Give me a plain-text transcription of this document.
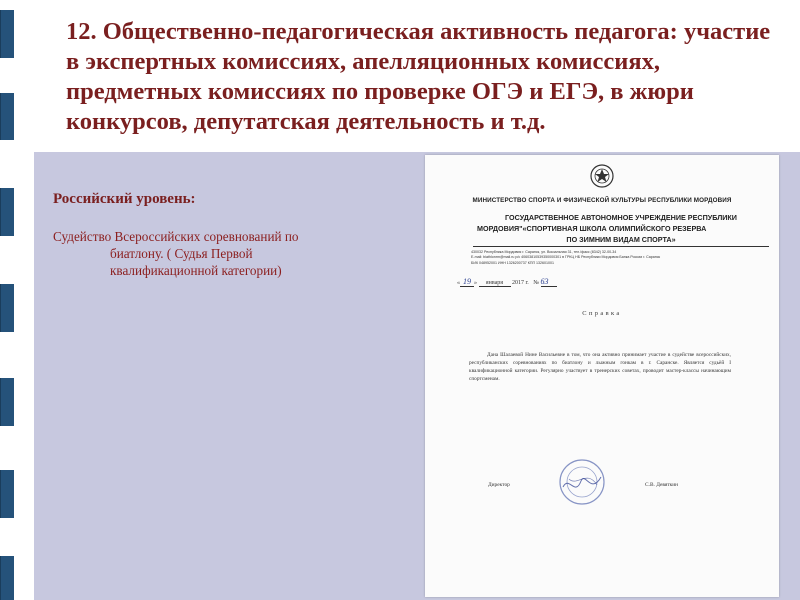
12. Общественно-педагогическая активность педагога: участие в экспертных комиссиях, апелляционных комиссиях, предметных комиссиях по проверке ОГЭ и ЕГЭ, в жюри конкурсов, депутатская деятельность и т.д.
Российский уровень:
Судейство Всероссийских соревнований по
биатлону. ( Судья Первой
квалификационной категории)
МИНИСТЕРСТВО СПОРТА И ФИЗИЧЕСКОЙ КУЛЬТУРЫ РЕСПУБЛИКИ МОРДОВИЯ
ГОСУДАРСТВЕННОЕ АВТОНОМНОЕ УЧРЕЖДЕНИЕ РЕСПУБЛИКИ
МОРДОВИЯ"«СПОРТИВНАЯ ШКОЛА ОЛИМПИЙСКОГО РЕЗЕРВА
ПО ЗИМНИМ ВИДАМ СПОРТА»
430032 Республика Мордовия г. Саранск, ул. Вокзальная 31, тел./факс (8342) 32-00-34
E-mail: biathlonrm@mail.ru р/с 40603810539350000301 в ГРКЦ НБ Республики Мордовия Банка России г. Саранск
БИК 048952001 ИНН 1326200737 КПП 132601001
« 19 » января 2017 г. № 63
Справка

Дана Шалаевой Нине Васильевне в том, что она активно принимает участие в судействе всероссийских, республиканских соревнованиях по биатлону и лыжным гонкам в г. Саранске. Является судьёй I квалификационной категории. Регулярно участвует в тренерских советах, проводит мастер-классы начинающим спортсменам.

Директор	С.В. Девяткин
